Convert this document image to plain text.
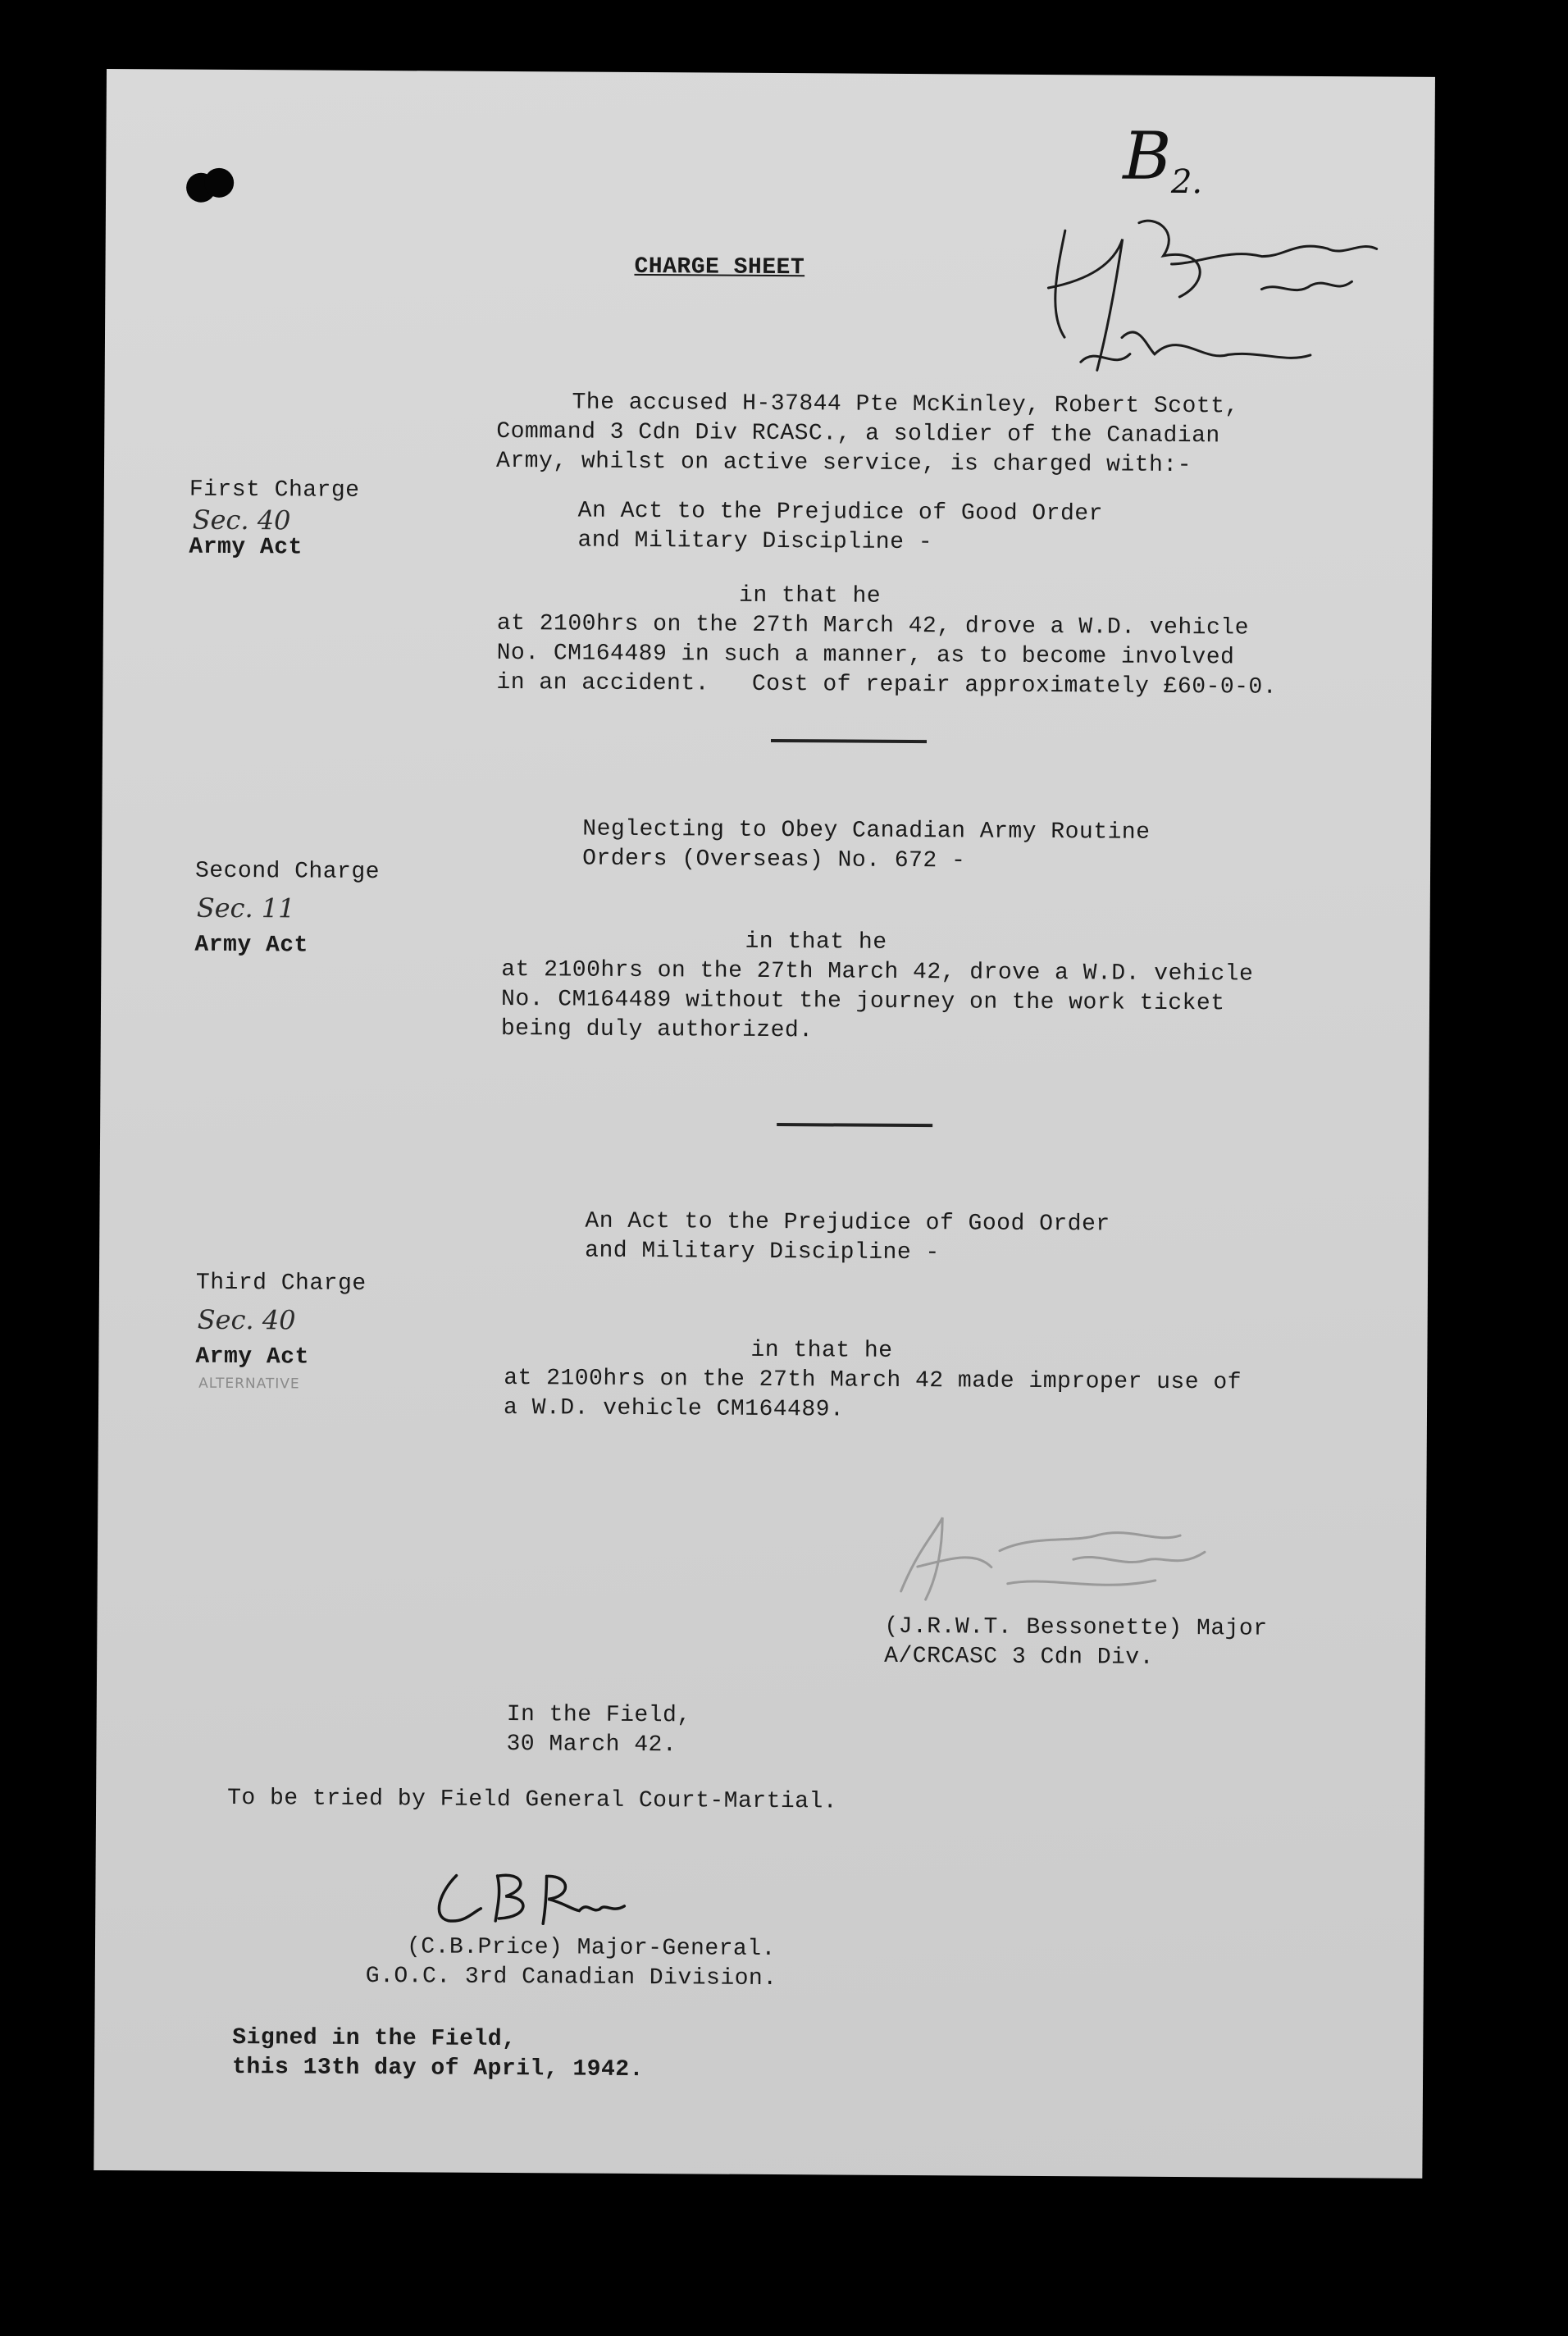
$B_{2.}$
CHARGE SHEET
The accused H-37844 Pte McKinley, Robert Scott,
Command 3 Cdn Div RCASC., a soldier of the Canadian
Army, whilst on active service, is charged with:-
First Charge
Sec. 40
Army Act
An Act to the Prejudice of Good Order
and Military Discipline -
in that he
at 2100hrs on the 27th March 42, drove a W.D. vehicle
No. CM164489 in such a manner, as to become involved
in an accident.   Cost of repair approximately £60-0-0.
Second Charge
Sec. 11
Army Act
Neglecting to Obey Canadian Army Routine
Orders (Overseas) No. 672 -
in that he
at 2100hrs on the 27th March 42, drove a W.D. vehicle
No. CM164489 without the journey on the work ticket
being duly authorized.
Third Charge
Sec. 40
Army Act
ALTERNATIVE
An Act to the Prejudice of Good Order
and Military Discipline -
in that he
at 2100hrs on the 27th March 42 made improper use of
a W.D. vehicle CM164489.
(J.R.W.T. Bessonette) Major
A/CRCASC 3 Cdn Div.
In the Field,
30 March 42.
To be tried by Field General Court-Martial.
(C.B.Price) Major-General.
G.O.C. 3rd Canadian Division.
Signed in the Field,
this 13th day of April, 1942.
